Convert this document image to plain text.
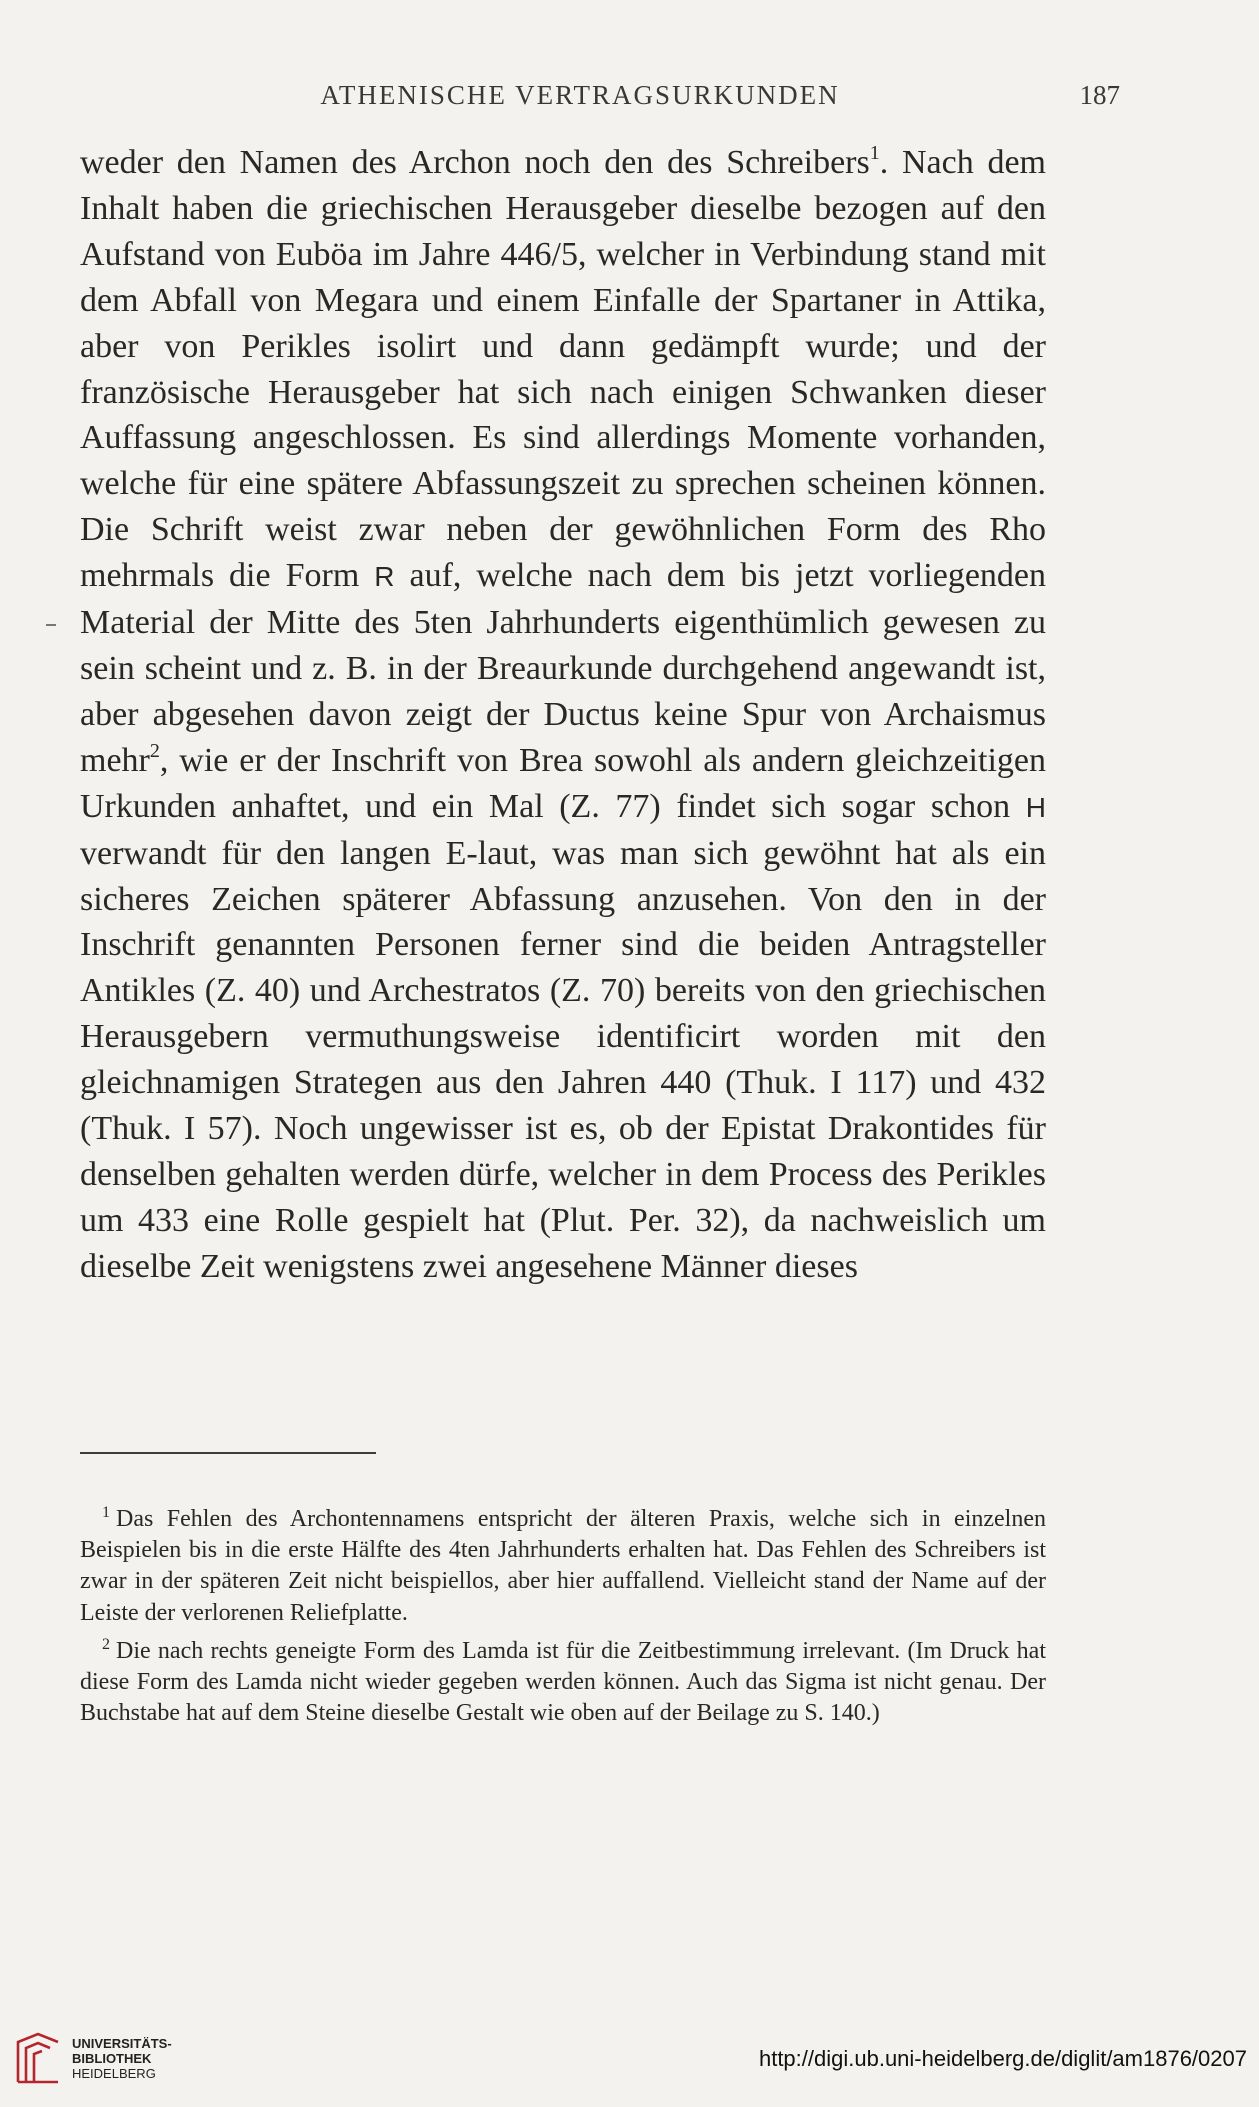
ATHENISCHE VERTRAGSURKUNDEN	187

weder den Namen des Archon noch den des Schreibers$^1$. Nach dem Inhalt haben die griechischen Herausgeber dieselbe bezogen auf den Aufstand von Euböa im Jahre 446/5, welcher in Verbindung stand mit dem Abfall von Megara und einem Einfalle der Spartaner in Attika, aber von Perikles isolirt und dann gedämpft wurde; und der französische Herausgeber hat sich nach einigen Schwanken dieser Auffassung angeschlossen. Es sind allerdings Momente vorhanden, welche für eine spätere Abfassungszeit zu sprechen scheinen können. Die Schrift weist zwar neben der gewöhnlichen Form des Rho mehrmals die Form R auf, welche nach dem bis jetzt vorliegenden Material der Mitte des 5ten Jahrhunderts eigenthümlich gewesen zu sein scheint und z. B. in der Breaurkunde durchgehend angewandt ist, aber abgesehen davon zeigt der Ductus keine Spur von Archaismus mehr$^2$, wie er der Inschrift von Brea sowohl als andern gleichzeitigen Urkunden anhaftet, und ein Mal (Z. 77) findet sich sogar schon H verwandt für den langen E-laut, was man sich gewöhnt hat als ein sicheres Zeichen späterer Abfassung anzusehen. Von den in der Inschrift genannten Personen ferner sind die beiden Antragsteller Antikles (Z. 40) und Archestratos (Z. 70) bereits von den griechischen Herausgebern vermuthungsweise identificirt worden mit den gleichnamigen Strategen aus den Jahren 440 (Thuk. I 117) und 432 (Thuk. I 57). Noch ungewisser ist es, ob der Epistat Drakontides für denselben gehalten werden dürfe, welcher in dem Process des Perikles um 433 eine Rolle gespielt hat (Plut. Per. 32), da nachweislich um dieselbe Zeit wenigstens zwei angesehene Männer dieses

$^1$ Das Fehlen des Archontennamens entspricht der älteren Praxis, welche sich in einzelnen Beispielen bis in die erste Hälfte des 4ten Jahrhunderts erhalten hat. Das Fehlen des Schreibers ist zwar in der späteren Zeit nicht beispiellos, aber hier auffallend. Vielleicht stand der Name auf der Leiste der verlorenen Reliefplatte.

$^2$ Die nach rechts geneigte Form des Lamda ist für die Zeitbestimmung irrelevant. (Im Druck hat diese Form des Lamda nicht wieder gegeben werden können. Auch das Sigma ist nicht genau. Der Buchstabe hat auf dem Steine dieselbe Gestalt wie oben auf der Beilage zu S. 140.)

UNIVERSITÄTS-
BIBLIOTHEK
HEIDELBERG
http://digi.ub.uni-heidelberg.de/diglit/am1876/0207
